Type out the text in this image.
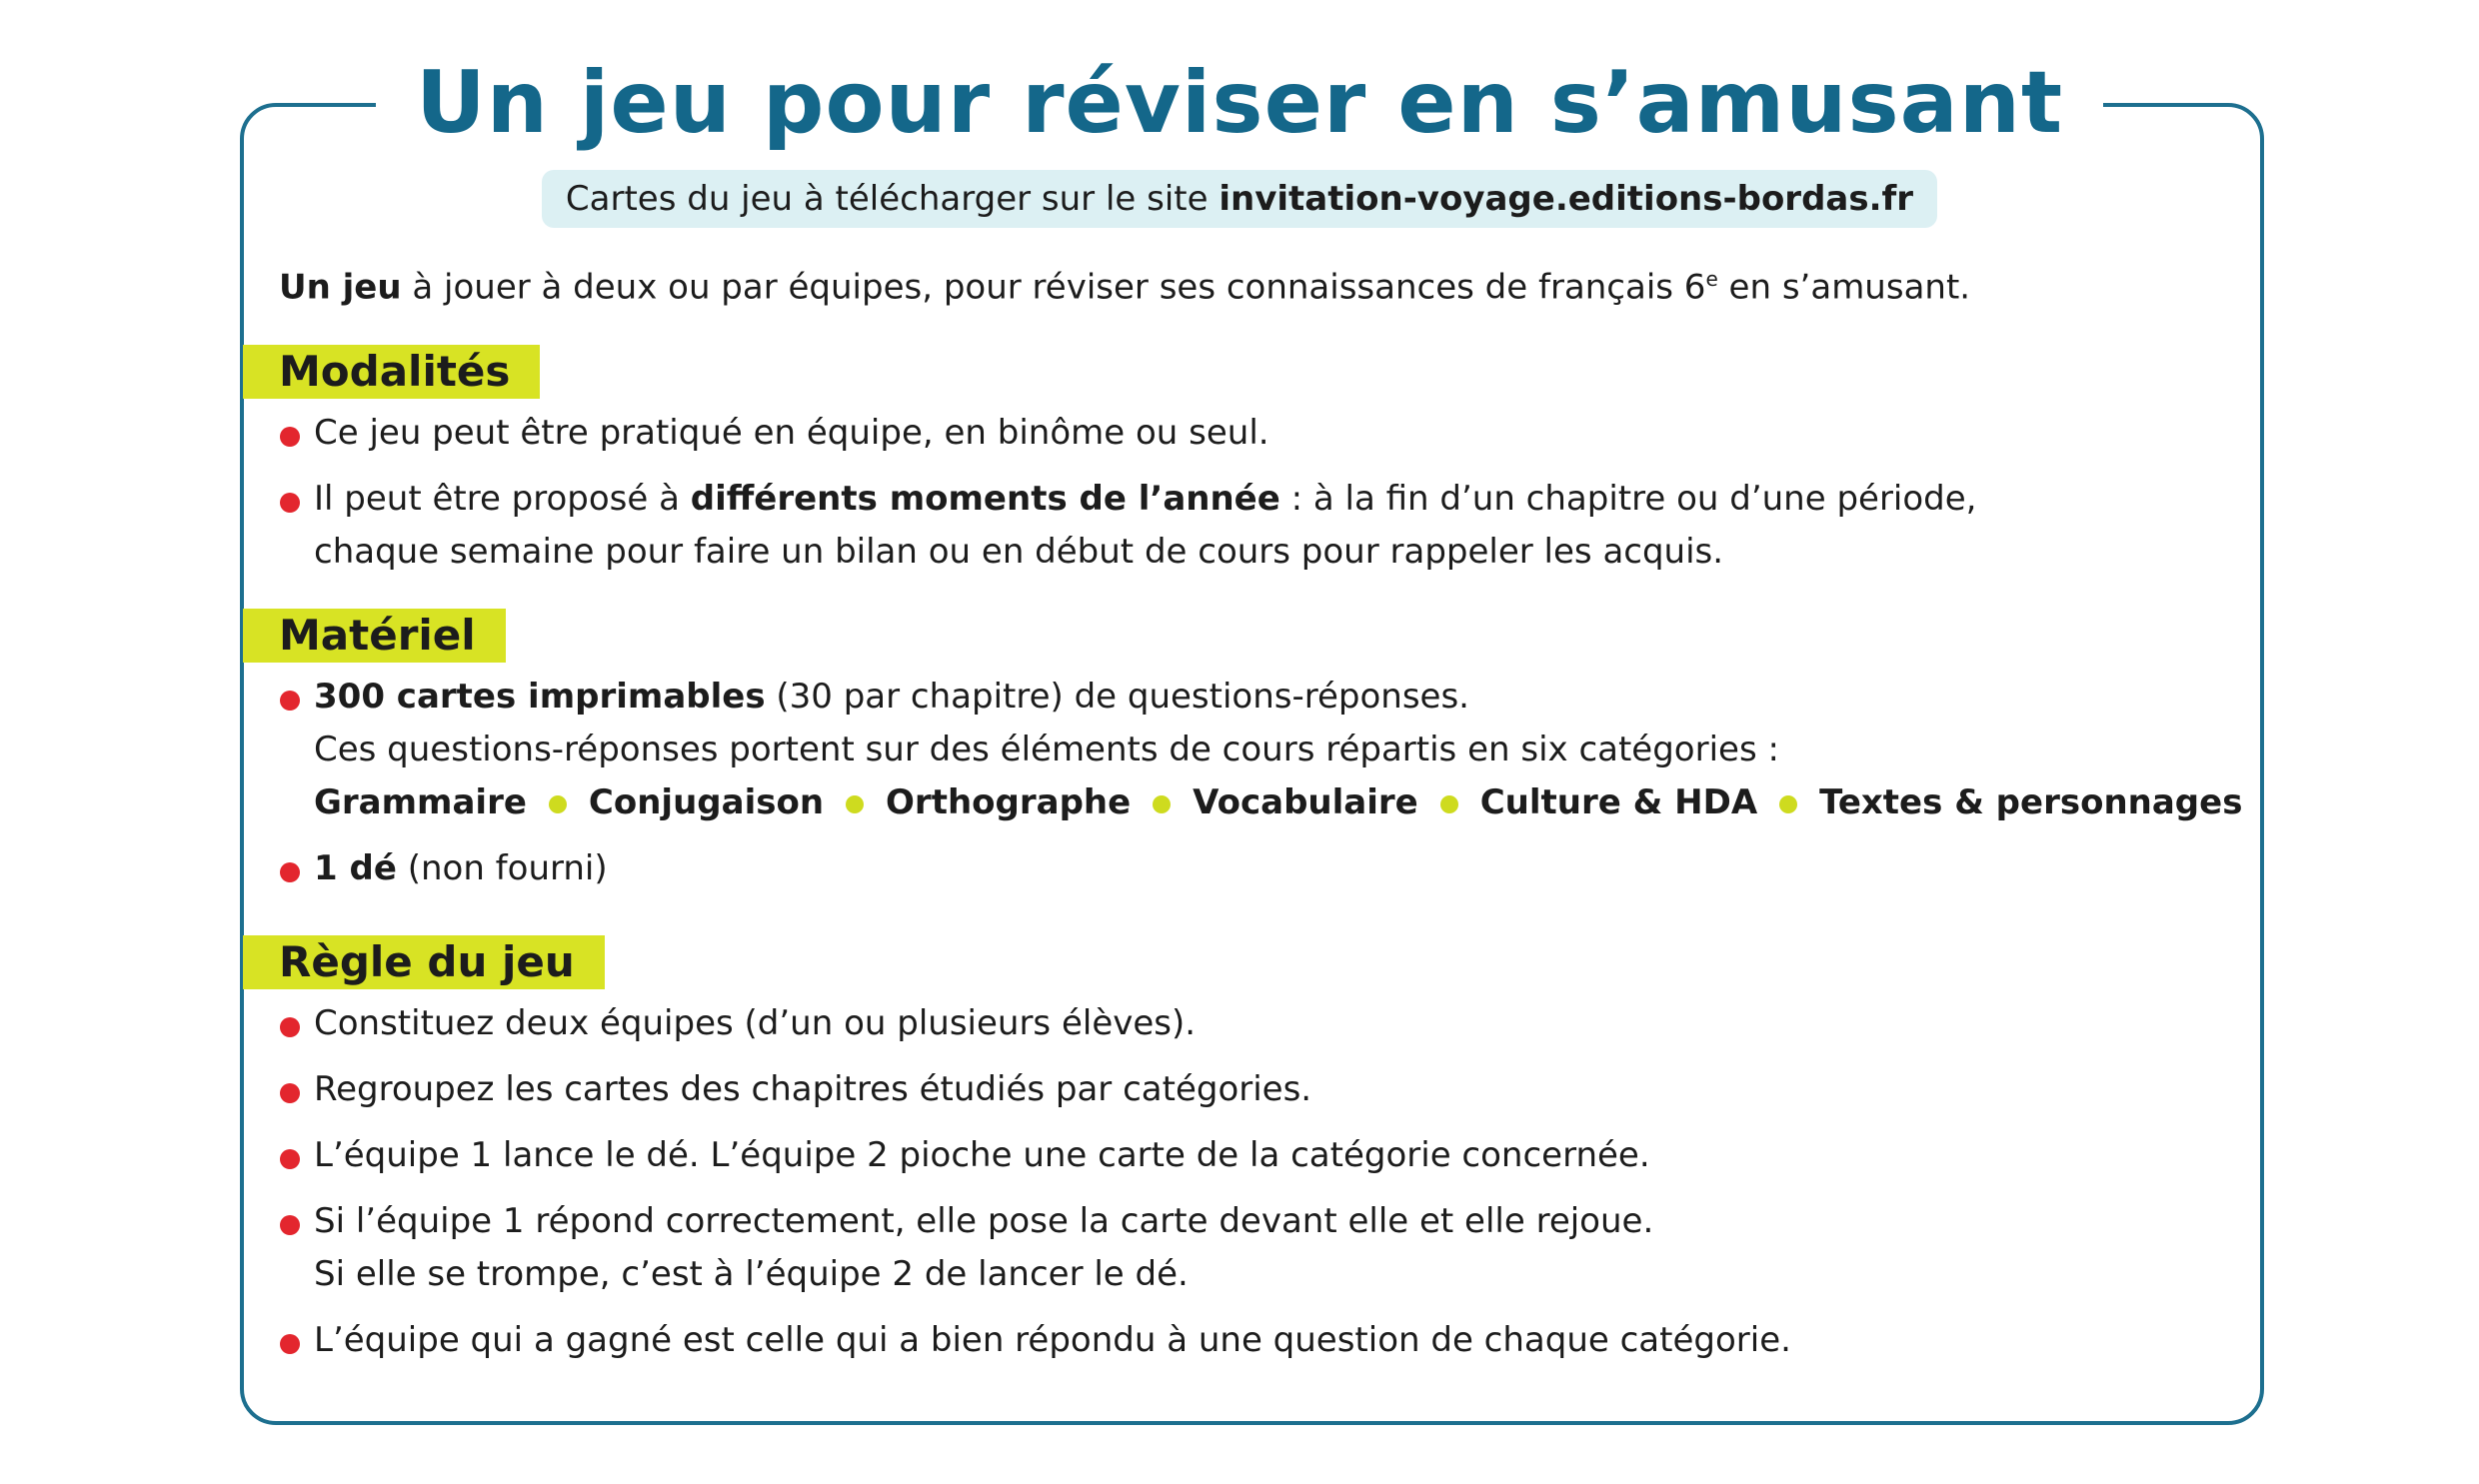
Un jeu pour réviser en s’amusant
Cartes du jeu à télécharger sur le site invitation-voyage.editions-bordas.fr

Un jeu à jouer à deux ou par équipes, pour réviser ses connaissances de français 6e en s’amusant.

Modalités
Ce jeu peut être pratiqué en équipe, en binôme ou seul.
Il peut être proposé à différents moments de l’année : à la fin d’un chapitre ou d’une période,
chaque semaine pour faire un bilan ou en début de cours pour rappeler les acquis.
Matériel
300 cartes imprimables (30 par chapitre) de questions-réponses.
Ces questions-réponses portent sur des éléments de cours répartis en six catégories :
Grammaire Conjugaison Orthographe Vocabulaire Culture & HDA Textes & personnages
1 dé (non fourni)
Règle du jeu
Constituez deux équipes (d’un ou plusieurs élèves).
Regroupez les cartes des chapitres étudiés par catégories.
L’équipe 1 lance le dé. L’équipe 2 pioche une carte de la catégorie concernée.
Si l’équipe 1 répond correctement, elle pose la carte devant elle et elle rejoue.
Si elle se trompe, c’est à l’équipe 2 de lancer le dé.
L’équipe qui a gagné est celle qui a bien répondu à une question de chaque catégorie.
